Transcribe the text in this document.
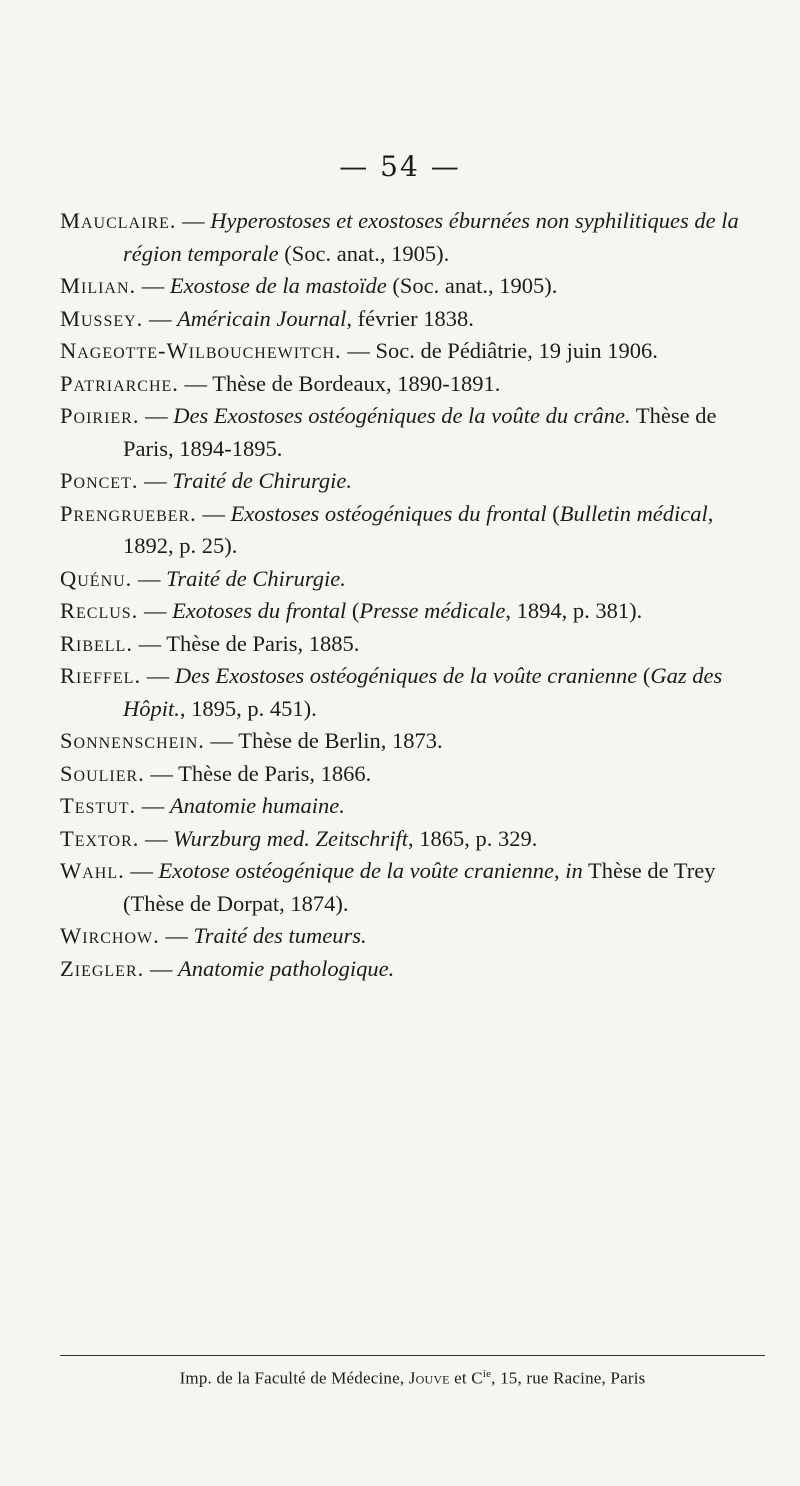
— 54 —
Mauclaire. — Hyperostoses et exostoses éburnées non syphilitiques de la région temporale (Soc. anat., 1905).
Milian. — Exostose de la mastoïde (Soc. anat., 1905).
Mussey. — Américain Journal, février 1838.
Nageotte-Wilbouchewitch. — Soc. de Pédiâtrie, 19 juin 1906.
Patriarche. — Thèse de Bordeaux, 1890-1891.
Poirier. — Des Exostoses ostéogéniques de la voûte du crâne. Thèse de Paris, 1894-1895.
Poncet. — Traité de Chirurgie.
Prengrueber. — Exostoses ostéogéniques du frontal (Bulletin médical, 1892, p. 25).
Quénu. — Traité de Chirurgie.
Reclus. — Exotoses du frontal (Presse médicale, 1894, p. 381).
Ribell. — Thèse de Paris, 1885.
Rieffel. — Des Exostoses ostéogéniques de la voûte cranienne (Gaz des Hôpit., 1895, p. 451).
Sonnenschein. — Thèse de Berlin, 1873.
Soulier. — Thèse de Paris, 1866.
Testut. — Anatomie humaine.
Textor. — Wurzburg med. Zeitschrift, 1865, p. 329.
Wahl. — Exotose ostéogénique de la voûte cranienne, in Thèse de Trey (Thèse de Dorpat, 1874).
Wirchow. — Traité des tumeurs.
Ziegler. — Anatomie pathologique.
Imp. de la Faculté de Médecine, Jouve et $C^{ie}$, 15, rue Racine, Paris
